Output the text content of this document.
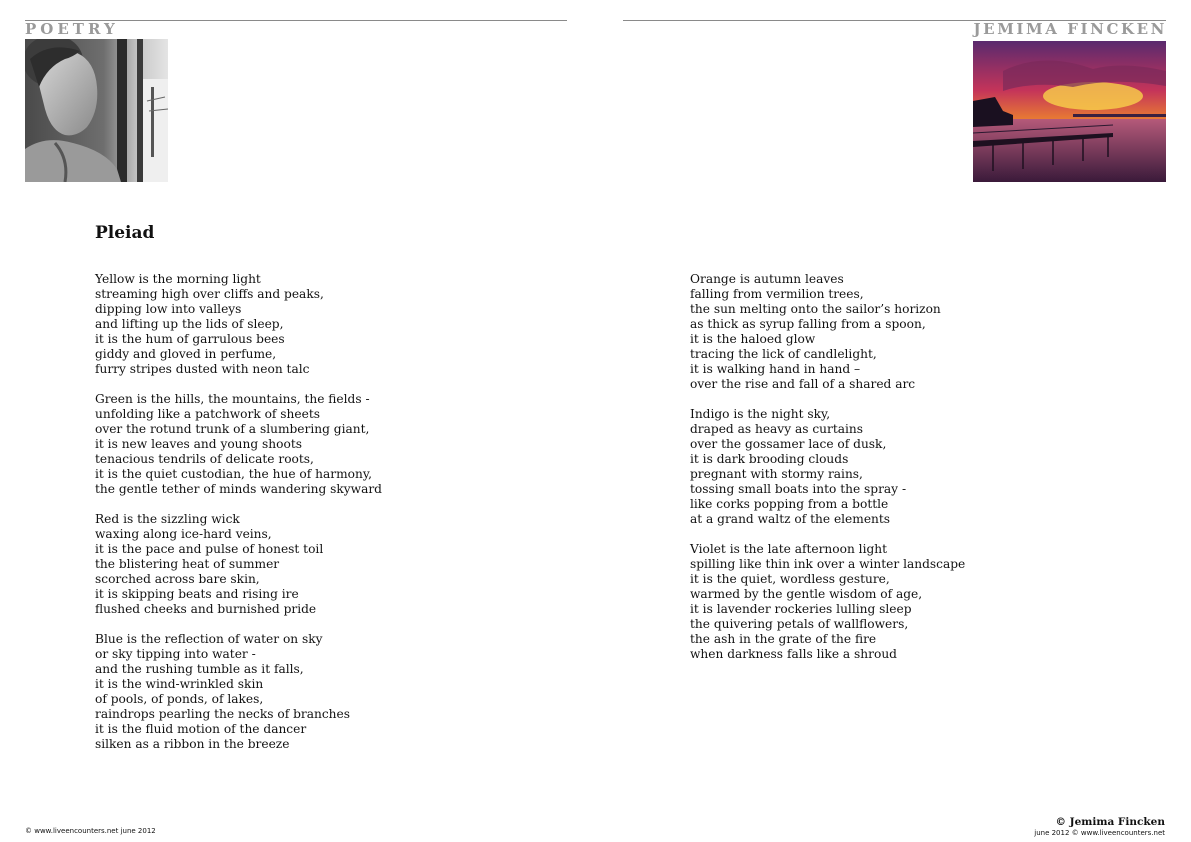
POETRY	JEMIMA FINCKEN
Pleiad
Yellow is the morning light
streaming high over cliffs and peaks,
dipping low into valleys
and lifting up the lids of sleep,
it is the hum of garrulous bees
giddy and gloved in perfume,
furry stripes dusted with neon talc
Green is the hills, the mountains, the fields -
unfolding like a patchwork of sheets
over the rotund trunk of a slumbering giant,
it is new leaves and young shoots
tenacious tendrils of delicate roots,
it is the quiet custodian, the hue of harmony,
the gentle tether of minds wandering skyward
Red is the sizzling wick
waxing along ice-hard veins,
it is the pace and pulse of honest toil
the blistering heat of summer
scorched across bare skin,
it is skipping beats and rising ire
flushed cheeks and burnished pride
Blue is the reflection of water on sky
or sky tipping into water -
and the rushing tumble as it falls,
it is the wind-wrinkled skin
of pools, of ponds, of lakes,
raindrops pearling the necks of branches
it is the fluid motion of the dancer
silken as a ribbon in the breeze
Orange is autumn leaves
falling from vermilion trees,
the sun melting onto the sailor’s horizon
as thick as syrup falling from a spoon,
it is the haloed glow
tracing the lick of candlelight,
it is walking hand in hand –
over the rise and fall of a shared arc
Indigo is the night sky,
draped as heavy as curtains
over the gossamer lace of dusk,
it is dark brooding clouds
pregnant with stormy rains,
tossing small boats into the spray -
like corks popping from a bottle
at a grand waltz of the elements
Violet is the late afternoon light
spilling like thin ink over a winter landscape
it is the quiet, wordless gesture,
warmed by the gentle wisdom of age,
it is lavender rockeries lulling sleep
the quivering petals of wallflowers,
the ash in the grate of the fire
when darkness falls like a shroud
© www.liveencounters.net june 2012
© Jemima Fincken
june 2012 © www.liveencounters.net
